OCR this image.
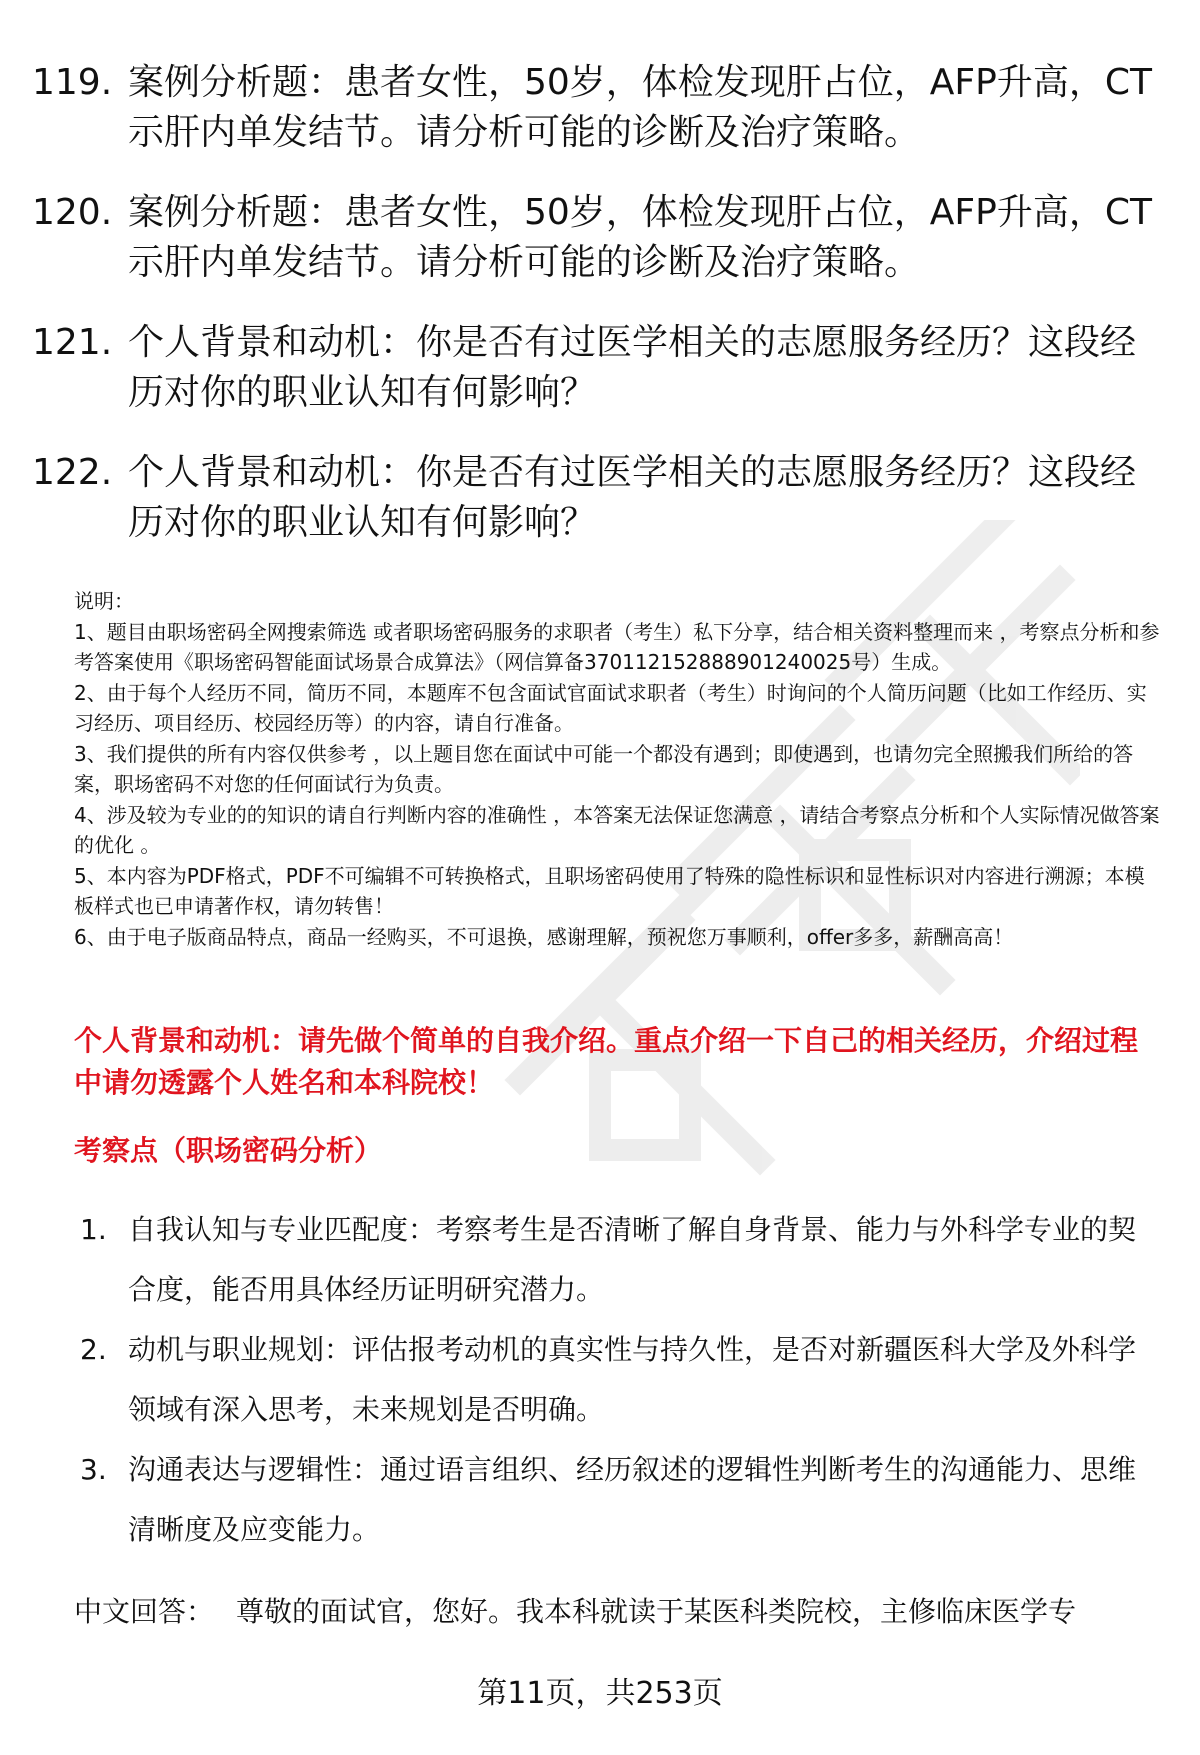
119. 案例分析题：患者女性，50岁，体检发现肝占位，AFP升高，CT示肝内单发结节。请分析可能的诊断及治疗策略。
120. 案例分析题：患者女性，50岁，体检发现肝占位，AFP升高，CT示肝内单发结节。请分析可能的诊断及治疗策略。
121. 个人背景和动机：你是否有过医学相关的志愿服务经历？这段经历对你的职业认知有何影响？
122. 个人背景和动机：你是否有过医学相关的志愿服务经历？这段经历对你的职业认知有何影响？

说明：

1、题目由职场密码全网搜索筛选 或者职场密码服务的求职者（考生）私下分享，结合相关资料整理而来 ，考察点分析和参考答案使用《职场密码智能面试场景合成算法》（网信算备370112152888901240025号）生成。

2、由于每个人经历不同，简历不同，本题库不包含面试官面试求职者（考生）时询问的个人简历问题（比如工作经历、实习经历、项目经历、校园经历等）的内容，请自行准备。

3、我们提供的所有内容仅供参考 ，以上题目您在面试中可能一个都没有遇到；即使遇到，也请勿完全照搬我们所给的答案，职场密码不对您的任何面试行为负责。

4、涉及较为专业的的知识的请自行判断内容的准确性 ，本答案无法保证您满意 ，请结合考察点分析和个人实际情况做答案的优化 。

5、本内容为PDF格式，PDF不可编辑不可转换格式，且职场密码使用了特殊的隐性标识和显性标识对内容进行溯源；本模板样式也已申请著作权，请勿转售！

6、由于电子版商品特点，商品一经购买，不可退换，感谢理解，预祝您万事顺利，offer多多，薪酬高高！

个人背景和动机：请先做个简单的自我介绍。重点介绍一下自己的相关经历，介绍过程中请勿透露个人姓名和本科院校！

考察点（职场密码分析）

1. 自我认知与专业匹配度：考察考生是否清晰了解自身背景、能力与外科学专业的契合度，能否用具体经历证明研究潜力。
2. 动机与职业规划：评估报考动机的真实性与持久性，是否对新疆医科大学及外科学领域有深入思考，未来规划是否明确。
3. 沟通表达与逻辑性：通过语言组织、经历叙述的逻辑性判断考生的沟通能力、思维清晰度及应变能力。
中文回答： 尊敬的面试官，您好。我本科就读于某医科类院校，主修临床医学专
第11页，共253页
